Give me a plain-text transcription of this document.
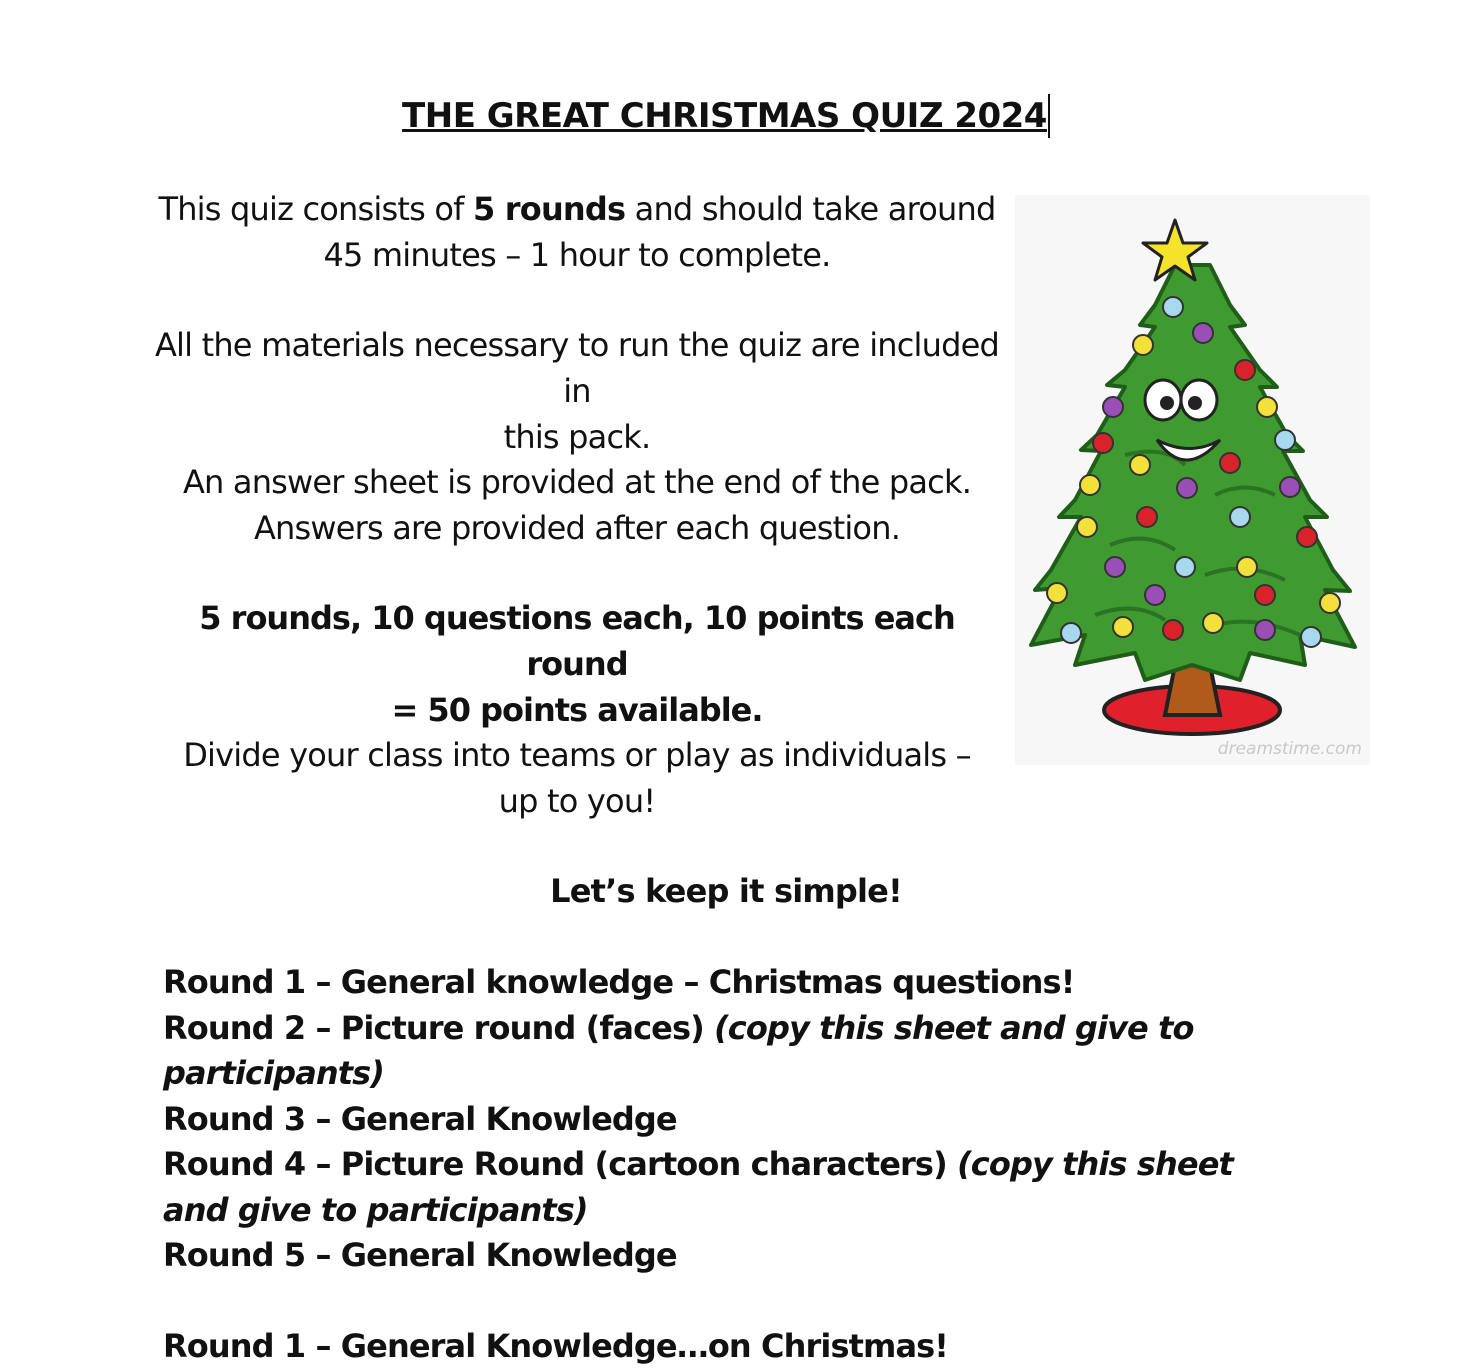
THE GREAT CHRISTMAS QUIZ 2024
This quiz consists of 5 rounds and should take around
45 minutes – 1 hour to complete.
All the materials necessary to run the quiz are included in
this pack.
An answer sheet is provided at the end of the pack.
Answers are provided after each question.
5 rounds, 10 questions each, 10 points each round
= 50 points available.
Divide your class into teams or play as individuals –
up to you!
dreamstime.com
Let’s keep it simple!
Round 1 – General knowledge – Christmas questions!
Round 2 – Picture round (faces) (copy this sheet and give to participants)
Round 3 – General Knowledge
Round 4 – Picture Round (cartoon characters) (copy this sheet and give to participants)
Round 5 – General Knowledge
Round 1 – General Knowledge…on Christmas!
